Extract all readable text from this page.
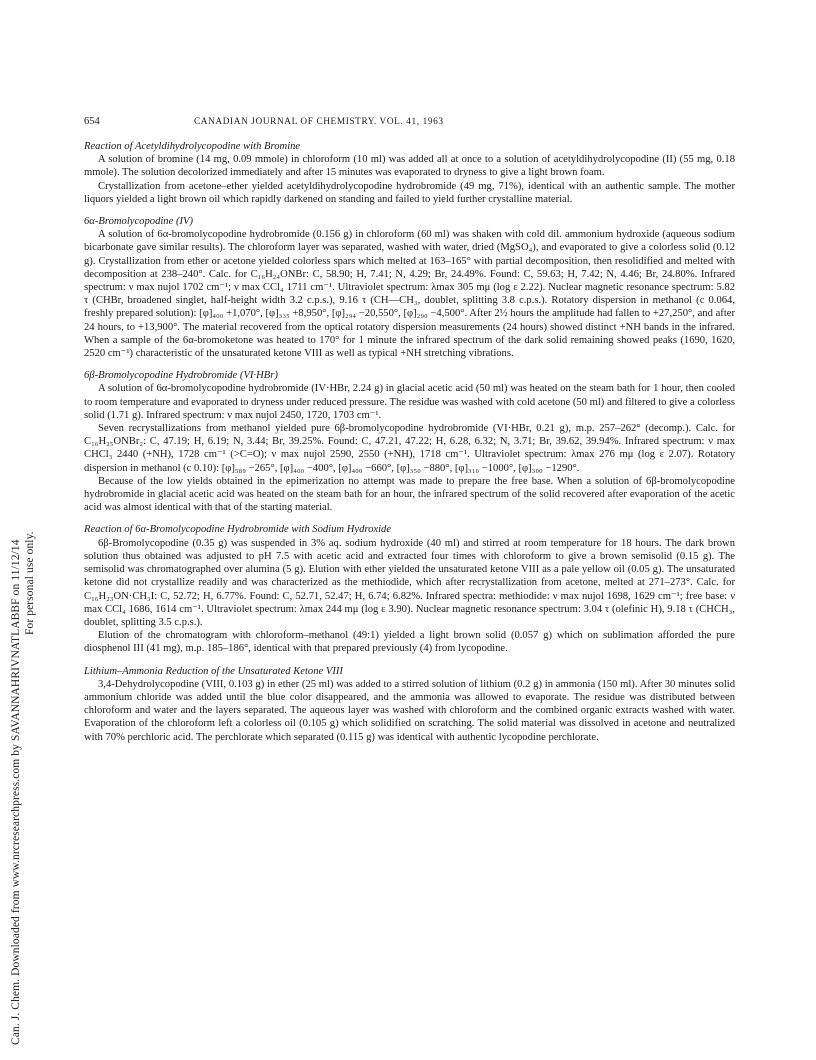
Can. J. Chem. Downloaded from www.nrcresearchpress.com by SAVANNAHRIVNATLABBF on 11/12/14 For personal use only.
654	CANADIAN JOURNAL OF CHEMISTRY. VOL. 41, 1963

Reaction of Acetyldihydrolycopodine with Bromine

A solution of bromine (14 mg, 0.09 mmole) in chloroform (10 ml) was added all at once to a solution of acetyldihydrolycopodine (II) (55 mg, 0.18 mmole). The solution decolorized immediately and after 15 minutes was evaporated to dryness to give a light brown foam.

Crystallization from acetone–ether yielded acetyldihydrolycopodine hydrobromide (49 mg, 71%), identical with an authentic sample. The mother liquors yielded a light brown oil which rapidly darkened on standing and failed to yield further crystalline material.

6α-Bromolycopodine (IV)

A solution of 6α-bromolycopodine hydrobromide (0.156 g) in chloroform (60 ml) was shaken with cold dil. ammonium hydroxide (aqueous sodium bicarbonate gave similar results). The chloroform layer was separated, washed with water, dried (MgSO₄), and evaporated to give a colorless solid (0.12 g). Crystallization from ether or acetone yielded colorless spars which melted at 163–165° with partial decomposition, then resolidified and melted with decomposition at 238–240°. Calc. for C₁₆H₂₄ONBr: C, 58.90; H, 7.41; N, 4.29; Br, 24.49%. Found: C, 59.63; H, 7.42; N, 4.46; Br, 24.80%. Infrared spectrum: ν max nujol 1702 cm⁻¹; ν max CCl₄ 1711 cm⁻¹. Ultraviolet spectrum: λmax 305 mμ (log ε 2.22). Nuclear magnetic resonance spectrum: 5.82 τ (CHBr, broadened singlet, half-height width 3.2 c.p.s.), 9.16 τ (CH—CH₃, doublet, splitting 3.8 c.p.s.). Rotatory dispersion in methanol (c 0.064, freshly prepared solution): [φ]₄₀₀ +1,070°, [φ]₃₃₅ +8,950°, [φ]₂₉₄ −20,550°, [φ]₂₉₀ −4,500°. After 2½ hours the amplitude had fallen to +27,250°, and after 24 hours, to +13,900°. The material recovered from the optical rotatory dispersion measurements (24 hours) showed distinct +NH bands in the infrared. When a sample of the 6α-bromoketone was heated to 170° for 1 minute the infrared spectrum of the dark solid remaining showed peaks (1690, 1620, 2520 cm⁻¹) characteristic of the unsaturated ketone VIII as well as typical +NH stretching vibrations.

6β-Bromolycopodine Hydrobromide (VI·HBr)

A solution of 6α-bromolycopodine hydrobromide (IV·HBr, 2.24 g) in glacial acetic acid (50 ml) was heated on the steam bath for 1 hour, then cooled to room temperature and evaporated to dryness under reduced pressure. The residue was washed with cold acetone (50 ml) and filtered to give a colorless solid (1.71 g). Infrared spectrum: ν max nujol 2450, 1720, 1703 cm⁻¹.

Seven recrystallizations from methanol yielded pure 6β-bromolycopodine hydrobromide (VI·HBr, 0.21 g), m.p. 257–262° (decomp.). Calc. for C₁₆H₂₅ONBr₂: C, 47.19; H, 6.19; N, 3.44; Br, 39.25%. Found: C, 47.21, 47.22; H, 6.28, 6.32; N, 3.71; Br, 39.62, 39.94%. Infrared spectrum: ν max CHCl₃ 2440 (+NH), 1728 cm⁻¹ (>C=O); ν max nujol 2590, 2550 (+NH), 1718 cm⁻¹. Ultraviolet spectrum: λmax 276 mμ (log ε 2.07). Rotatory dispersion in methanol (c 0.10): [φ]₅₈₉ −265°, [φ]₄₀₀ −400°, [φ]₄₀₀ −660°, [φ]₃₅₀ −880°, [φ]₃₁₀ −1000°, [φ]₃₀₀ −1290°.

Because of the low yields obtained in the epimerization no attempt was made to prepare the free base. When a solution of 6β-bromolycopodine hydrobromide in glacial acetic acid was heated on the steam bath for an hour, the infrared spectrum of the solid recovered after evaporation of the acetic acid was almost identical with that of the starting material.

Reaction of 6α-Bromolycopodine Hydrobromide with Sodium Hydroxide

6β-Bromolycopodine (0.35 g) was suspended in 3% aq. sodium hydroxide (40 ml) and stirred at room temperature for 18 hours. The dark brown solution thus obtained was adjusted to pH 7.5 with acetic acid and extracted four times with chloroform to give a brown semisolid (0.15 g). The semisolid was chromatographed over alumina (5 g). Elution with ether yielded the unsaturated ketone VIII as a pale yellow oil (0.05 g). The unsaturated ketone did not crystallize readily and was characterized as the methiodide, which after recrystallization from acetone, melted at 271–273°. Calc. for C₁₆H₂₃ON·CH₃I: C, 52.72; H, 6.77%. Found: C, 52.71, 52.47; H, 6.74; 6.82%. Infrared spectra: methiodide: ν max nujol 1698, 1629 cm⁻¹; free base: ν max CCl₄ 1686, 1614 cm⁻¹. Ultraviolet spectrum: λmax 244 mμ (log ε 3.90). Nuclear magnetic resonance spectrum: 3.04 τ (olefinic H), 9.18 τ (CHCH₃, doublet, splitting 3.5 c.p.s.).

Elution of the chromatogram with chloroform–methanol (49:1) yielded a light brown solid (0.057 g) which on sublimation afforded the pure diosphenol III (41 mg), m.p. 185–186°, identical with that prepared previously (4) from lycopodine.

Lithium–Ammonia Reduction of the Unsaturated Ketone VIII

3,4-Dehydrolycopodine (VIII, 0.103 g) in ether (25 ml) was added to a stirred solution of lithium (0.2 g) in ammonia (150 ml). After 30 minutes solid ammonium chloride was added until the blue color disappeared, and the ammonia was allowed to evaporate. The residue was distributed between chloroform and water and the layers separated. The aqueous layer was washed with chloroform and the combined organic extracts washed with water. Evaporation of the chloroform left a colorless oil (0.105 g) which solidified on scratching. The solid material was dissolved in acetone and neutralized with 70% perchloric acid. The perchlorate which separated (0.115 g) was identical with authentic lycopodine perchlorate.
